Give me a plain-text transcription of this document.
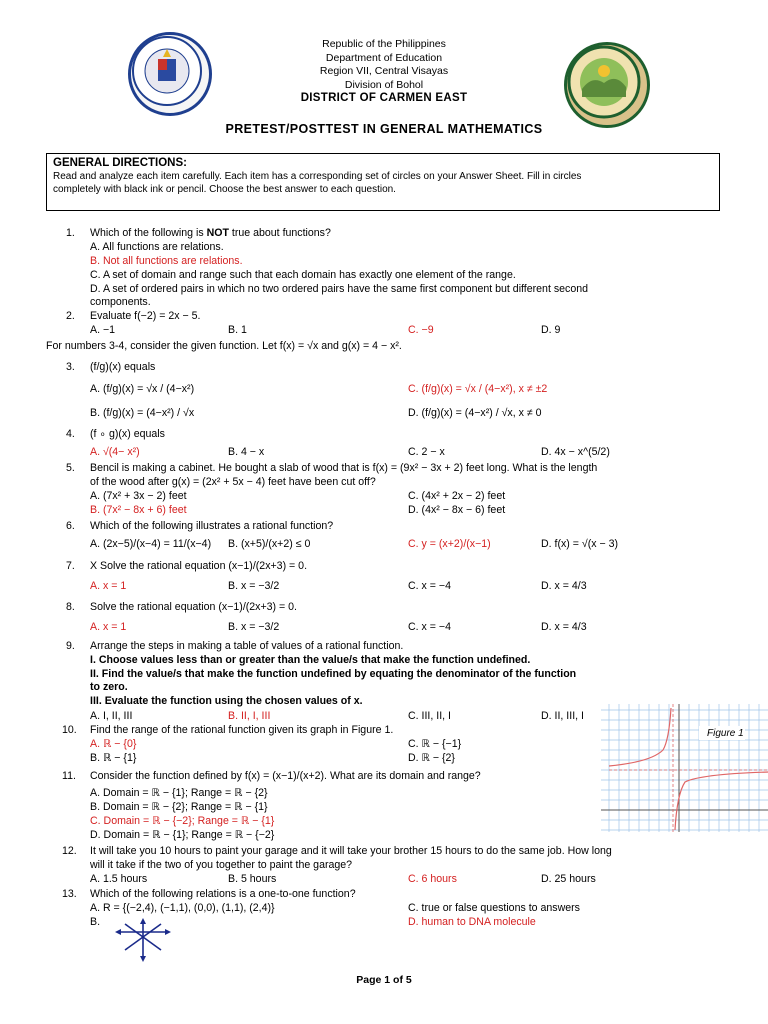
Republic of the Philippines
Department of Education
Region VII, Central Visayas
Division of Bohol
DISTRICT OF CARMEN EAST
PRETEST/POSTTEST IN GENERAL MATHEMATICS
GENERAL DIRECTIONS:
Read and analyze each item carefully. Each item has a corresponding set of circles on your Answer Sheet. Fill in circles
completely with black ink or pencil. Choose the best answer to each question.
1. Which of the following is NOT true about functions?
A. All functions are relations.
B. Not all functions are relations.
C. A set of domain and range such that each domain has exactly one element of the range.
D. A set of ordered pairs in which no two ordered pairs have the same first component but different second
components.
2. Evaluate f(−2) = 2x − 5.
A. −1	B. 1	C. −9	D. 9
For numbers 3-4, consider the given function. Let f(x) = √x and g(x) = 4 − x².
3. (f/g)(x) equals
A. (f/g)(x) = √x / (4−x²)	C. (f/g)(x) = √x / (4−x²), x ≠ ±2
B. (f/g)(x) = (4−x²) / √x	D. (f/g)(x) = (4−x²) / √x, x ≠ 0
4. (f ∘ g)(x) equals
A. √(4− x²)	B. 4 − x	C. 2 − x	D. 4x − x^(5/2)
5. Bencil is making a cabinet. He bought a slab of wood that is f(x) = (9x² − 3x + 2) feet long. What is the length
of the wood after g(x) = (2x² + 5x − 4) feet have been cut off?
A. (7x² + 3x − 2) feet	C. (4x² + 2x − 2) feet
B. (7x² − 8x + 6) feet	D. (4x² − 8x − 6) feet
6. Which of the following illustrates a rational function?
A. (2x−5)/(x−4) = 11/(x−4) B. (x+5)/(x+2) ≤ 0	C. y = (x+2)/(x−1)	D. f(x) = √(x − 3)
7. X Solve the rational equation (x−1)/(2x+3) = 0.
A. x = 1	B. x = −3/2	C. x = −4	D. x = 4/3
8. Solve the rational equation (x−1)/(2x+3) = 0.
A. x = 1	B. x = −3/2	C. x = −4	D. x = 4/3
9. Arrange the steps in making a table of values of a rational function.
I. Choose values less than or greater than the value/s that make the function undefined.
II. Find the value/s that make the function undefined by equating the denominator of the function
to zero.
III. Evaluate the function using the chosen values of x.
A. I, II, III	B. II, I, III	C. III, II, I	D. II, III, I
Figure 1
10. Find the range of the rational function given its graph in Figure 1.
A. ℝ − {0}	C. ℝ − {−1}
B. ℝ − {1}	D. ℝ − {2}
11. Consider the function defined by f(x) = (x−1)/(x+2). What are its domain and range?
A. Domain = ℝ − {1}; Range = ℝ − {2}
B. Domain = ℝ − {2}; Range = ℝ − {1}
C. Domain = ℝ − {−2}; Range = ℝ − {1}
D. Domain = ℝ − {1}; Range = ℝ − {−2}
12. It will take you 10 hours to paint your garage and it will take your brother 15 hours to do the same job. How long
will it take if the two of you together to paint the garage?
A. 1.5 hours	B. 5 hours	C. 6 hours	D. 25 hours
13. Which of the following relations is a one-to-one function?
A. R = {(−2,4), (−1,1), (0,0), (1,1), (2,4)}	C. true or false questions to answers
B.	D. human to DNA molecule
Page 1 of 5
